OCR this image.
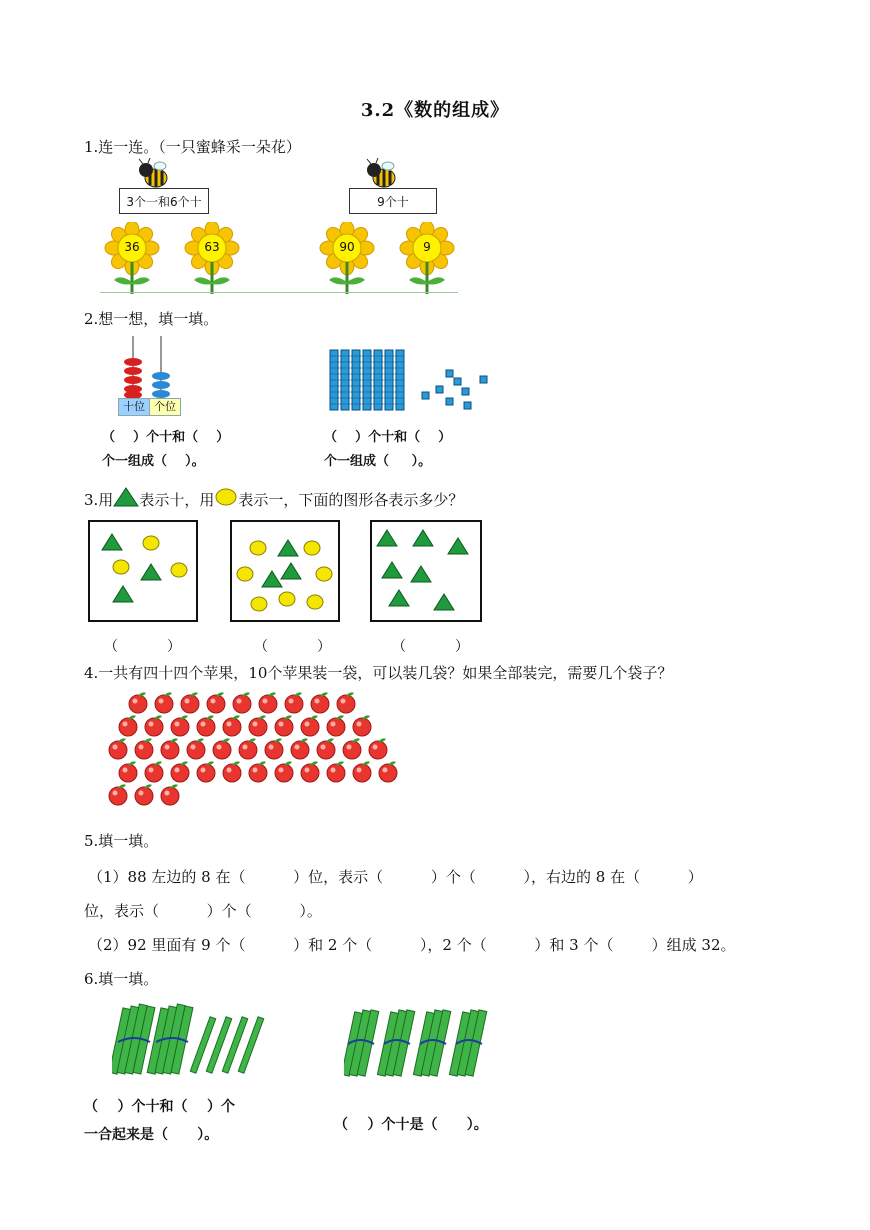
3.2《数的组成》
1.连一连。（一只蜜蜂采一朵花）
3个一和6个十	9个十
36	63	90	9
2.想一想，填一填。
十位 个位
（    ）个十和（    ）
个一组成（    ）。
（    ）个十和（    ）
个一组成（     ）。
3.用 表示十，用 表示一，下面的图形各表示多少？
（           ）	（           ）	（           ）
4.一共有四十四个苹果，10个苹果装一袋，可以装几袋？如果全部装完，需要几个袋子？
5.填一填。
（1）88 左边的 8 在（          ）位，表示（          ）个（          ），右边的 8 在（          ）
位，表示（          ）个（          ）。
（2）92 里面有 9 个（          ）和 2 个（          ），2 个（          ）和 3 个（        ）组成 32。
6.填一填。
（    ）个十和（    ）个
一合起来是（      ）。
（    ）个十是（      ）。
